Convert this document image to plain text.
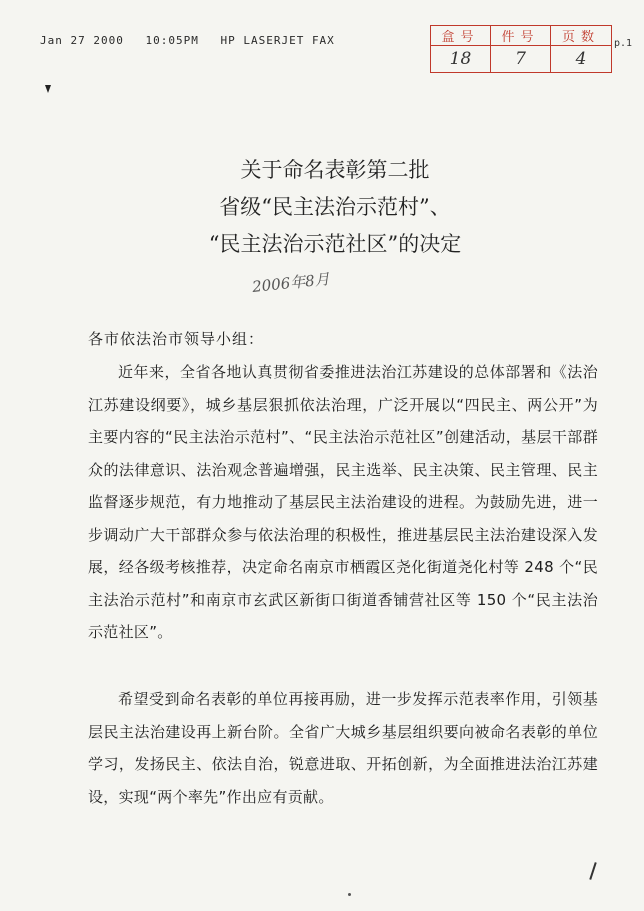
Jan 27 2000 10:05PM HP LASERJET FAX	盒号	件号	页数
18	7	4
p.1
关于命名表彰第二批
省级“民主法治示范村”、
“民主法治示范社区”的决定
2006年8月
各市依法治市领导小组：

近年来，全省各地认真贯彻省委推进法治江苏建设的总体部署和《法治江苏建设纲要》，城乡基层狠抓依法治理，广泛开展以“四民主、两公开”为主要内容的“民主法治示范村”、“民主法治示范社区”创建活动，基层干部群众的法律意识、法治观念普遍增强，民主选举、民主决策、民主管理、民主监督逐步规范，有力地推动了基层民主法治建设的进程。为鼓励先进，进一步调动广大干部群众参与依法治理的积极性，推进基层民主法治建设深入发展，经各级考核推荐，决定命名南京市栖霞区尧化街道尧化村等 248 个“民主法治示范村”和南京市玄武区新街口街道香铺营社区等 150 个“民主法治示范社区”。

希望受到命名表彰的单位再接再励，进一步发挥示范表率作用，引领基层民主法治建设再上新台阶。全省广大城乡基层组织要向被命名表彰的单位学习，发扬民主、依法自治，锐意进取、开拓创新，为全面推进法治江苏建设，实现“两个率先”作出应有贡献。
